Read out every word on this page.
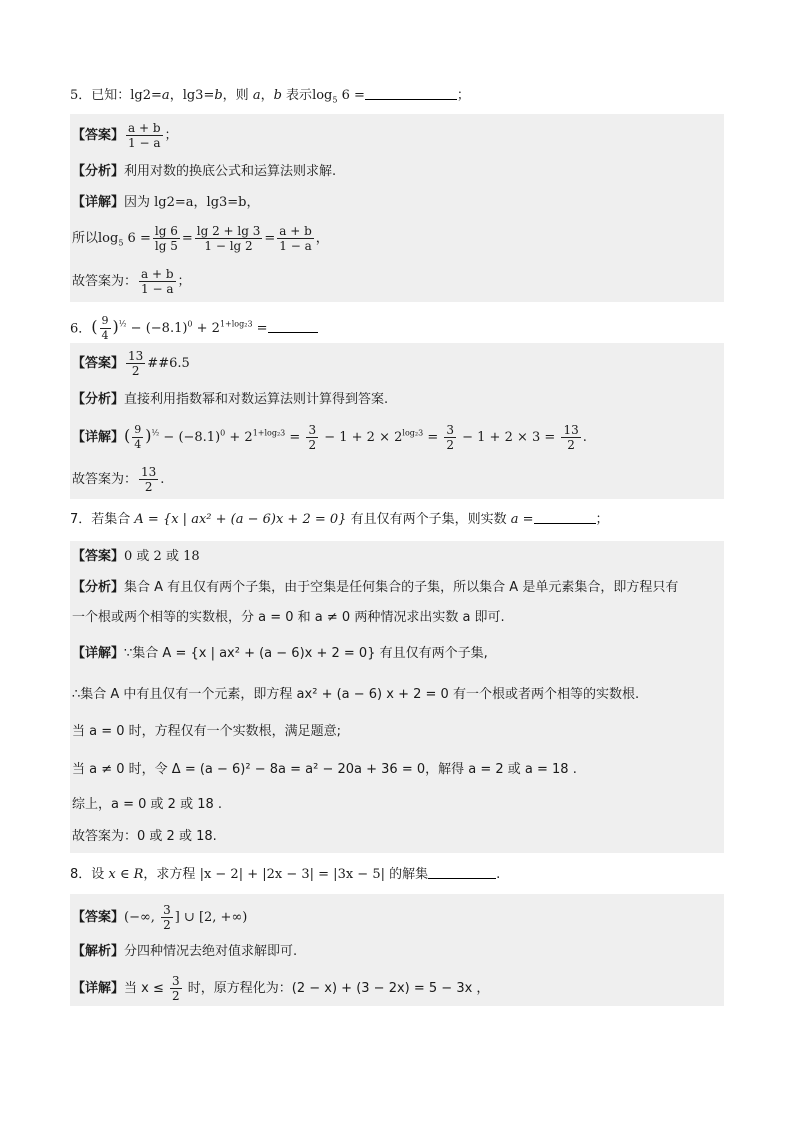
5．已知：lg2=a，lg3=b，则 a，b 表示$\log_5 6$ =	；
【答案】 $\frac{a + b}{1 - a}$ ；
【分析】利用对数的换底公式和运算法则求解.
【详解】因为 lg2=a，lg3=b，
所以$\log_5 6 = \frac{\lg 6}{\lg 5} = \frac{\lg 2 + \lg 3}{1 - \lg 2} = \frac{a + b}{1 - a}$ ，
故答案为： $\frac{a + b}{1 - a}$ ；
6．( $\frac{9}{4} )^{\frac{1}{2}} - (-8.1)^0 + 2^{1+log_23}$ =
【答案】 $\frac{13}{2}$ ##6.5
【分析】直接利用指数幂和对数运算法则计算得到答案.
【详解】( $\frac{9}{4} )^{\frac{1}{2}} - (-8.1)^0 + 2^{1+log_23} = \frac{3}{2} - 1 + 2 \times 2^{log_23} = \frac{3}{2} - 1 + 2 \times 3 = \frac{13}{2}$ .
故答案为： $\frac{13}{2}$ .
7．若集合 A = {x | ax² + (a − 6)x + 2 = 0} 有且仅有两个子集，则实数 a =	；
【答案】0 或 2 或 18
【分析】集合 A 有且仅有两个子集，由于空集是任何集合的子集，所以集合 A 是单元素集合，即方程只有
一个根或两个相等的实数根，分 a = 0 和 a ≠ 0 两种情况求出实数 a 即可.
【详解】∵集合 A = {x | ax² + (a − 6)x + 2 = 0} 有且仅有两个子集,
∴集合 A 中有且仅有一个元素，即方程 ax² + (a − 6) x + 2 = 0 有一个根或者两个相等的实数根.
当 a = 0 时，方程仅有一个实数根，满足题意;
当 a ≠ 0 时，令 Δ = (a − 6)² − 8a = a² − 20a + 36 = 0，解得 a = 2 或 a = 18 .
综上，a = 0 或 2 或 18 .
故答案为：0 或 2 或 18.
8．设 x ∈ R，求方程 |x − 2| + |2x − 3| = |3x − 5| 的解集	.
【答案】(−∞, $\frac{3}{2}$ ] ∪ [2, +∞)
【解析】分四种情况去绝对值求解即可.
【详解】当 $x \le \frac{3}{2}$ 时，原方程化为：(2 − x) + (3 − 2x) = 5 − 3x ，
